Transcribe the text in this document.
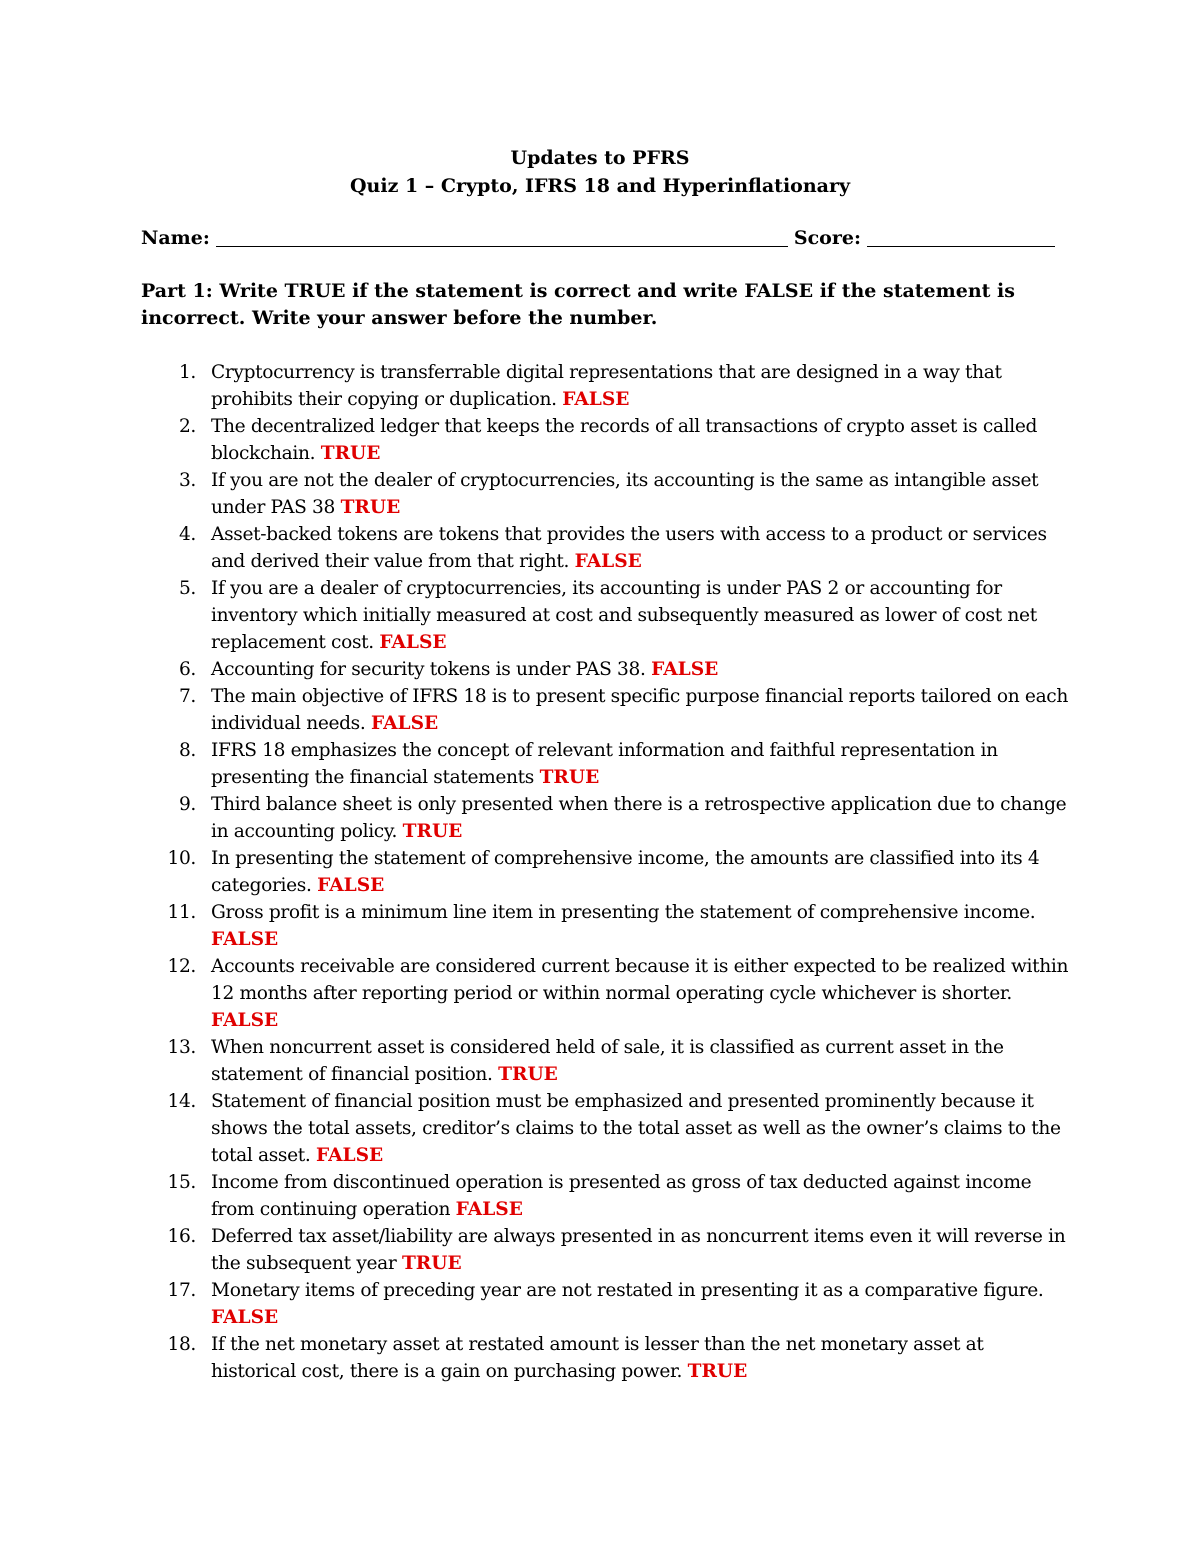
Updates to PFRS
Quiz 1 – Crypto, IFRS 18 and Hyperinflationary
Name:	Score:
Part 1: Write TRUE if the statement is correct and write FALSE if the statement is incorrect. Write your answer before the number.
1. Cryptocurrency is transferrable digital representations that are designed in a way that prohibits their copying or duplication. FALSE
2. The decentralized ledger that keeps the records of all transactions of crypto asset is called blockchain. TRUE
3. If you are not the dealer of cryptocurrencies, its accounting is the same as intangible asset under PAS 38 TRUE
4. Asset-backed tokens are tokens that provides the users with access to a product or services and derived their value from that right. FALSE
5. If you are a dealer of cryptocurrencies, its accounting is under PAS 2 or accounting for inventory which initially measured at cost and subsequently measured as lower of cost net replacement cost. FALSE
6. Accounting for security tokens is under PAS 38. FALSE
7. The main objective of IFRS 18 is to present specific purpose financial reports tailored on each individual needs. FALSE
8. IFRS 18 emphasizes the concept of relevant information and faithful representation in presenting the financial statements TRUE
9. Third balance sheet is only presented when there is a retrospective application due to change in accounting policy. TRUE
10. In presenting the statement of comprehensive income, the amounts are classified into its 4 categories. FALSE
11. Gross profit is a minimum line item in presenting the statement of comprehensive income. FALSE
12. Accounts receivable are considered current because it is either expected to be realized within 12 months after reporting period or within normal operating cycle whichever is shorter. FALSE
13. When noncurrent asset is considered held of sale, it is classified as current asset in the statement of financial position. TRUE
14. Statement of financial position must be emphasized and presented prominently because it shows the total assets, creditor’s claims to the total asset as well as the owner’s claims to the total asset. FALSE
15. Income from discontinued operation is presented as gross of tax deducted against income from continuing operation FALSE
16. Deferred tax asset/liability are always presented in as noncurrent items even it will reverse in the subsequent year TRUE
17. Monetary items of preceding year are not restated in presenting it as a comparative figure. FALSE
18. If the net monetary asset at restated amount is lesser than the net monetary asset at historical cost, there is a gain on purchasing power. TRUE
